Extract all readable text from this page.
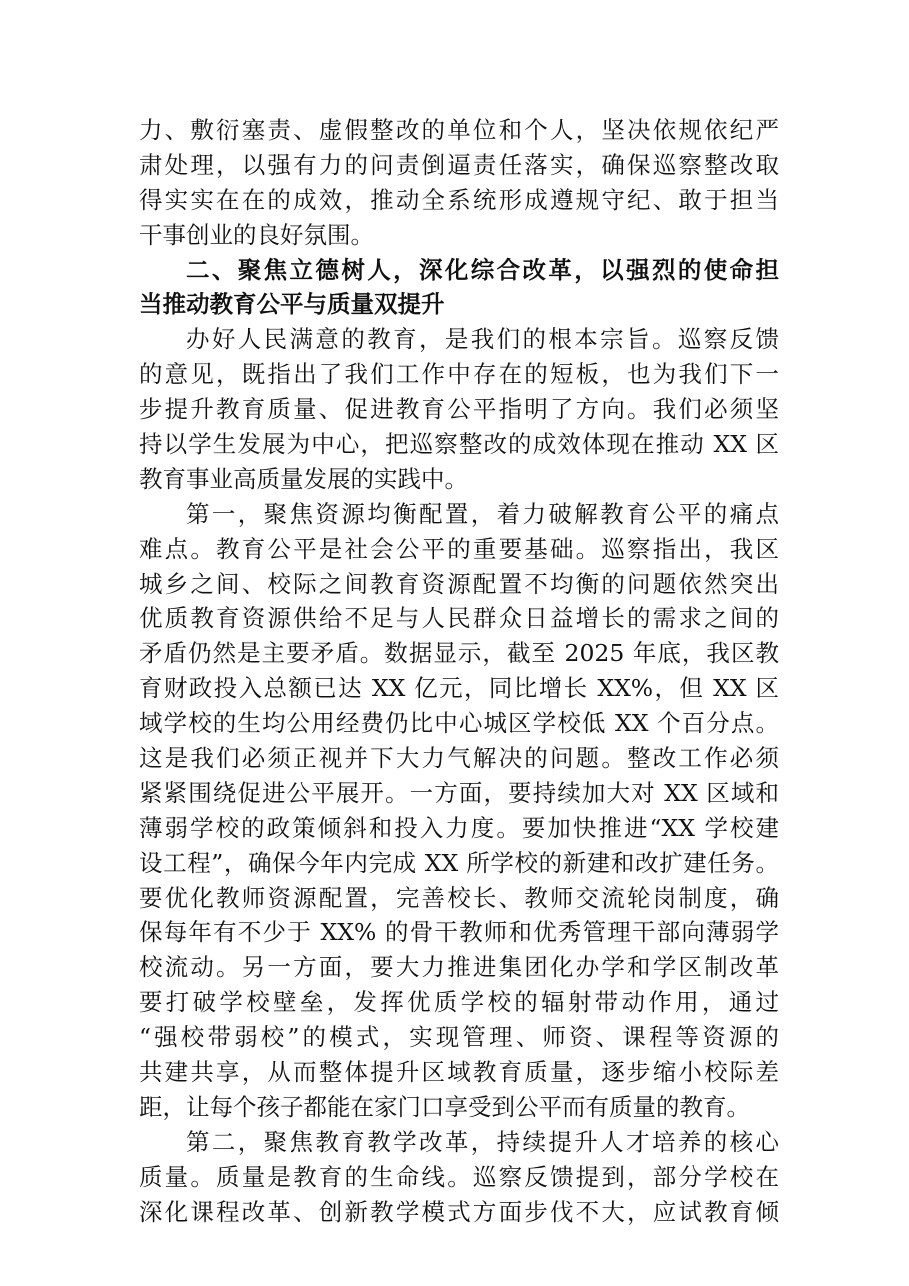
力、敷衍塞责、虚假整改的单位和个人，坚决依规依纪严
肃处理，以强有力的问责倒逼责任落实，确保巡察整改取
得实实在在的成效，推动全系统形成遵规守纪、敢于担当
干事创业的良好氛围。
二、聚焦立德树人，深化综合改革，以强烈的使命担
当推动教育公平与质量双提升
办好人民满意的教育，是我们的根本宗旨。巡察反馈
的意见，既指出了我们工作中存在的短板，也为我们下一
步提升教育质量、促进教育公平指明了方向。我们必须坚
持以学生发展为中心，把巡察整改的成效体现在推动 XX 区
教育事业高质量发展的实践中。
第一，聚焦资源均衡配置，着力破解教育公平的痛点
难点。教育公平是社会公平的重要基础。巡察指出，我区
城乡之间、校际之间教育资源配置不均衡的问题依然突出
优质教育资源供给不足与人民群众日益增长的需求之间的
矛盾仍然是主要矛盾。数据显示，截至 2025 年底，我区教
育财政投入总额已达 XX 亿元，同比增长 XX%，但 XX 区
域学校的生均公用经费仍比中心城区学校低 XX 个百分点。
这是我们必须正视并下大力气解决的问题。整改工作必须
紧紧围绕促进公平展开。一方面，要持续加大对 XX 区域和
薄弱学校的政策倾斜和投入力度。要加快推进“XX 学校建
设工程”，确保今年内完成 XX 所学校的新建和改扩建任务。
要优化教师资源配置，完善校长、教师交流轮岗制度，确
保每年有不少于 XX% 的骨干教师和优秀管理干部向薄弱学
校流动。另一方面，要大力推进集团化办学和学区制改革
要打破学校壁垒，发挥优质学校的辐射带动作用，通过
“强校带弱校”的模式，实现管理、师资、课程等资源的
共建共享，从而整体提升区域教育质量，逐步缩小校际差
距，让每个孩子都能在家门口享受到公平而有质量的教育。
第二，聚焦教育教学改革，持续提升人才培养的核心
质量。质量是教育的生命线。巡察反馈提到，部分学校在
深化课程改革、创新教学模式方面步伐不大，应试教育倾
